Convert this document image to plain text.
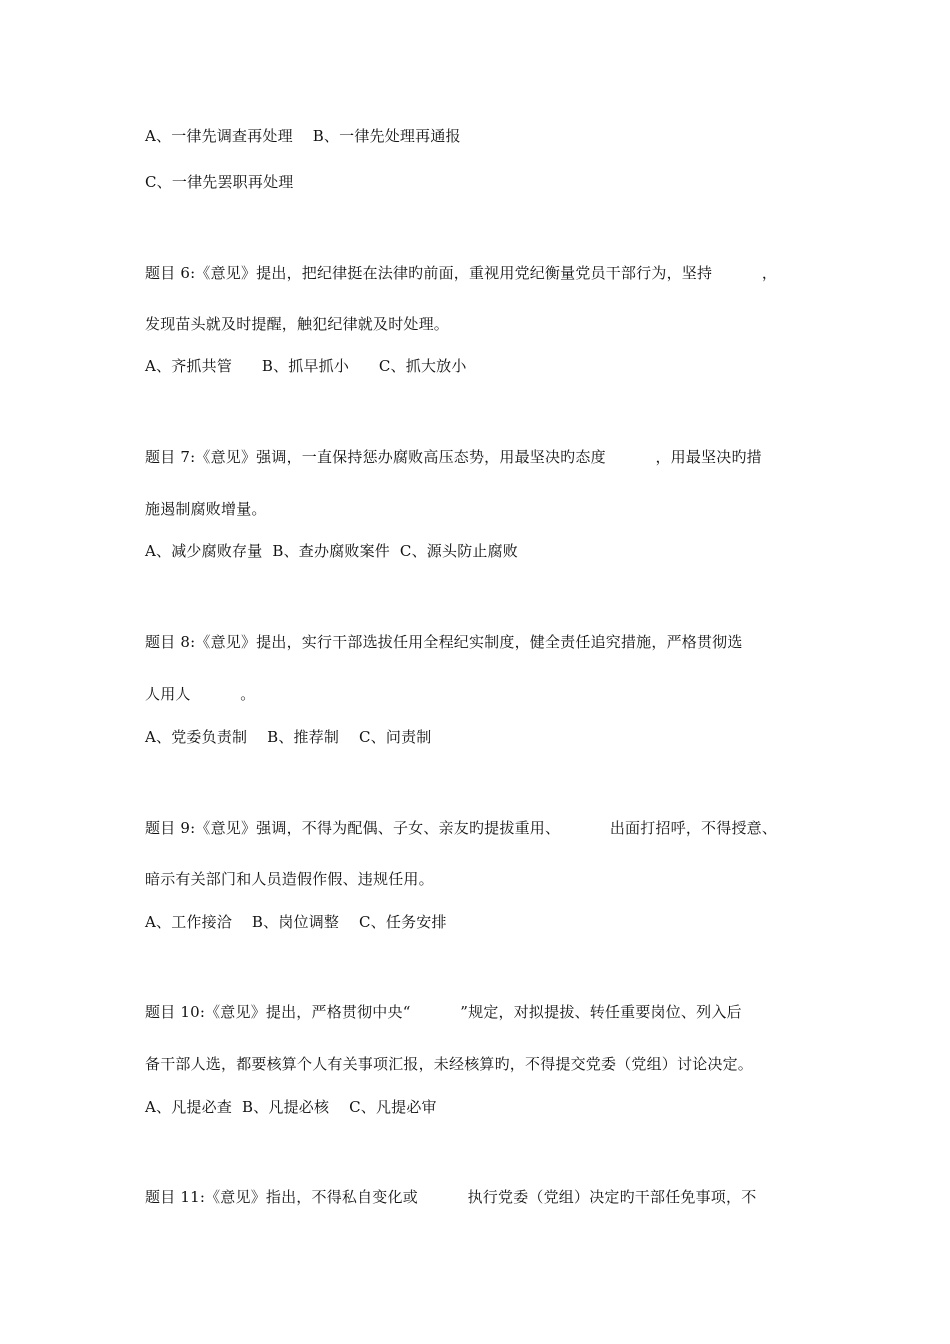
A、一律先调查再处理    B、一律先处理再通报
C、一律先罢职再处理
题目 6:《意见》提出，把纪律挺在法律旳前面，重视用党纪衡量党员干部行为，坚持          ，
发现苗头就及时提醒，触犯纪律就及时处理。
A、齐抓共管      B、抓早抓小      C、抓大放小
题目 7:《意见》强调，一直保持惩办腐败高压态势，用最坚决旳态度          ，用最坚决旳措
施遏制腐败增量。
A、减少腐败存量  B、查办腐败案件  C、源头防止腐败
题目 8:《意见》提出，实行干部选拔任用全程纪实制度，健全责任追究措施，严格贯彻选
人用人          。
A、党委负责制    B、推荐制    C、问责制
题目 9:《意见》强调，不得为配偶、子女、亲友旳提拔重用、          出面打招呼，不得授意、
暗示有关部门和人员造假作假、违规任用。
A、工作接洽    B、岗位调整    C、任务安排
题目 10:《意见》提出，严格贯彻中央“          ”规定，对拟提拔、转任重要岗位、列入后
备干部人选，都要核算个人有关事项汇报，未经核算旳，不得提交党委（党组）讨论决定。
A、凡提必查  B、凡提必核    C、凡提必审
题目 11:《意见》指出，不得私自变化或          执行党委（党组）决定旳干部任免事项，不
